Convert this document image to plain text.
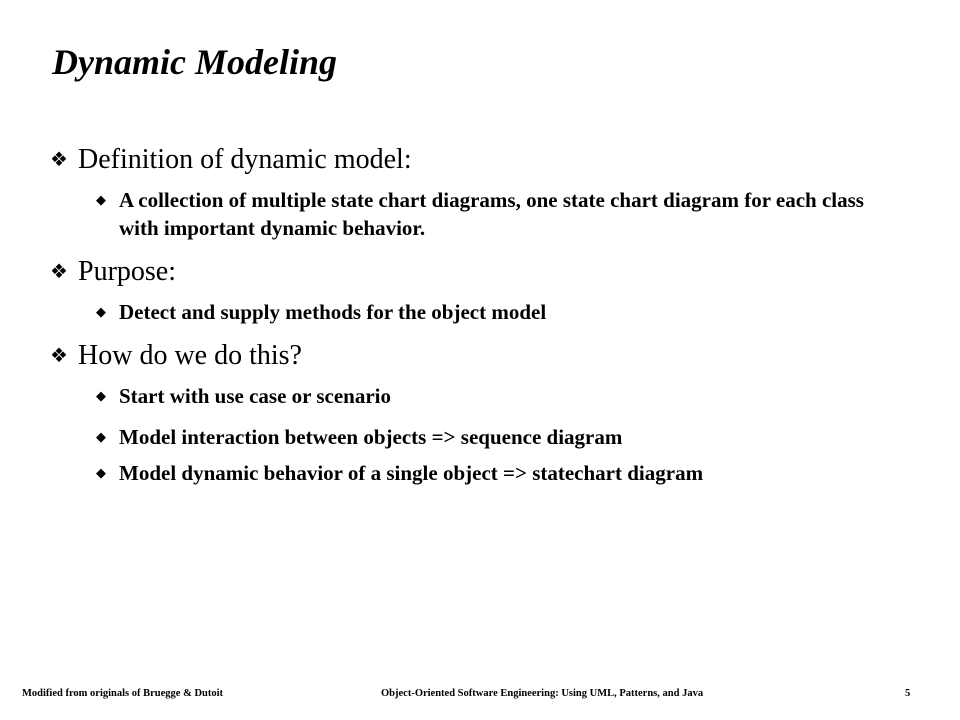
Dynamic Modeling
❖ Definition of dynamic model:
◆ A collection of multiple state chart diagrams, one state chart diagram for each class with important dynamic behavior.
❖ Purpose:
◆ Detect and supply methods for the object model
❖ How do we do this?
◆ Start with use case or scenario
◆ Model interaction between objects => sequence diagram
◆ Model dynamic behavior of a single object => statechart diagram
Modified from originals of Bruegge & Dutoit	Object-Oriented Software Engineering: Using UML, Patterns, and Java	5
